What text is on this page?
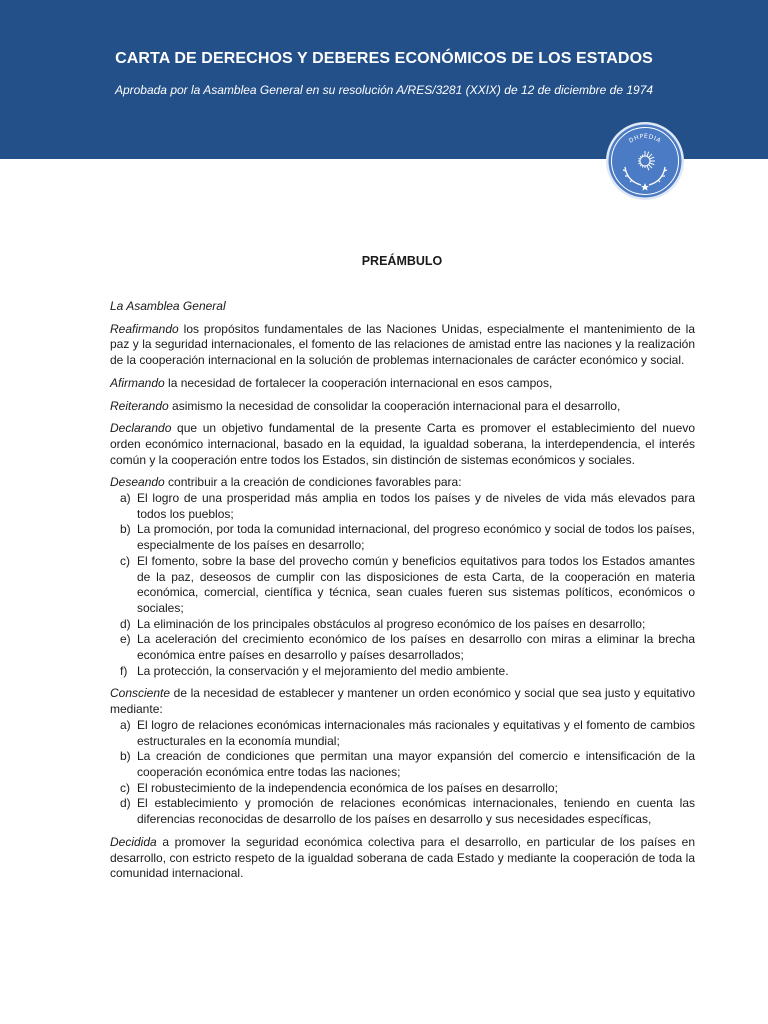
CARTA DE DERECHOS Y DEBERES ECONÓMICOS DE LOS ESTADOS
Aprobada por la Asamblea General en su resolución A/RES/3281 (XXIX) de 12 de diciembre de 1974
DHPEDIA
PREÁMBULO

La Asamblea General

Reafirmando los propósitos fundamentales de las Naciones Unidas, especialmente el mantenimiento de la paz y la seguridad internacionales, el fomento de las relaciones de amistad entre las naciones y la realización de la cooperación internacional en la solución de problemas internacionales de carácter económico y social.

Afirmando la necesidad de fortalecer la cooperación internacional en esos campos,

Reiterando asimismo la necesidad de consolidar la cooperación internacional para el desarrollo,

Declarando que un objetivo fundamental de la presente Carta es promover el establecimiento del nuevo orden económico internacional, basado en la equidad, la igualdad soberana, la interdependencia, el interés común y la cooperación entre todos los Estados, sin distinción de sistemas económicos y sociales.

Deseando contribuir a la creación de condiciones favorables para:

a) El logro de una prosperidad más amplia en todos los países y de niveles de vida más elevados para todos los pueblos;
b) La promoción, por toda la comunidad internacional, del progreso económico y social de todos los países, especialmente de los países en desarrollo;
c) El fomento, sobre la base del provecho común y beneficios equitativos para todos los Estados amantes de la paz, deseosos de cumplir con las disposiciones de esta Carta, de la cooperación en materia económica, comercial, científica y técnica, sean cuales fueren sus sistemas políticos, económicos o sociales;
d) La eliminación de los principales obstáculos al progreso económico de los países en desarrollo;
e) La aceleración del crecimiento económico de los países en desarrollo con miras a eliminar la brecha económica entre países en desarrollo y países desarrollados;
f) La protección, la conservación y el mejoramiento del medio ambiente.

Consciente de la necesidad de establecer y mantener un orden económico y social que sea justo y equitativo mediante:

a) El logro de relaciones económicas internacionales más racionales y equitativas y el fomento de cambios estructurales en la economía mundial;
b) La creación de condiciones que permitan una mayor expansión del comercio e intensificación de la cooperación económica entre todas las naciones;
c) El robustecimiento de la independencia económica de los países en desarrollo;
d) El establecimiento y promoción de relaciones económicas internacionales, teniendo en cuenta las diferencias reconocidas de desarrollo de los países en desarrollo y sus necesidades específicas,

Decidida a promover la seguridad económica colectiva para el desarrollo, en particular de los países en desarrollo, con estricto respeto de la igualdad soberana de cada Estado y mediante la cooperación de toda la comunidad internacional.
